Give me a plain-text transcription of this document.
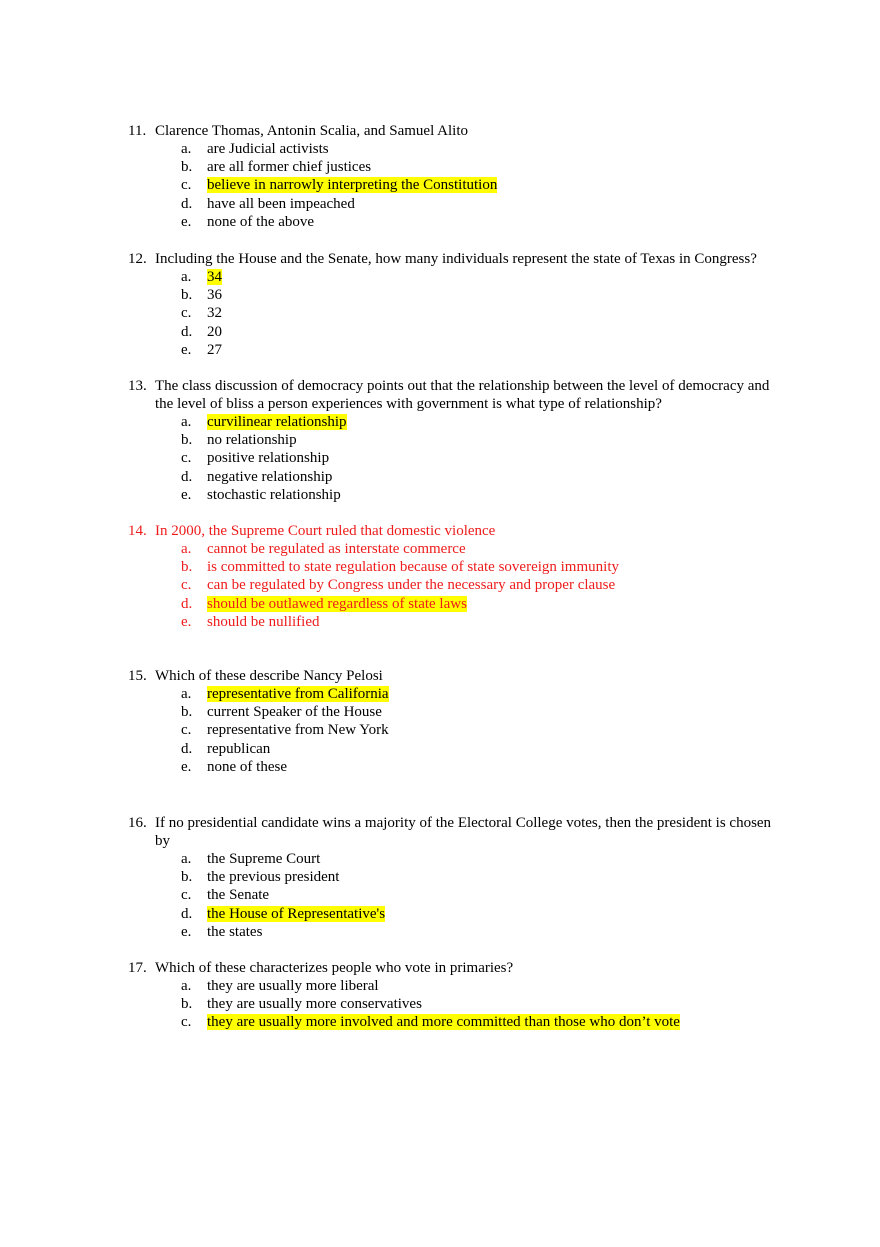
11. Clarence Thomas, Antonin Scalia, and Samuel Alito
a. are Judicial activists
b. are all former chief justices
c. believe in narrowly interpreting the Constitution
d. have all been impeached
e. none of the above
12. Including the House and the Senate, how many individuals represent the state of Texas in Congress?
a. 34
b. 36
c. 32
d. 20
e. 27
13. The class discussion of democracy points out that the relationship between the level of democracy and the level of bliss a person experiences with government is what type of relationship?
a. curvilinear relationship
b. no relationship
c. positive relationship
d. negative relationship
e. stochastic relationship
14. In 2000, the Supreme Court ruled that domestic violence
a. cannot be regulated as interstate commerce
b. is committed to state regulation because of state sovereign immunity
c. can be regulated by Congress under the necessary and proper clause
d. should be outlawed regardless of state laws
e. should be nullified
15. Which of these describe Nancy Pelosi
a. representative from California
b. current Speaker of the House
c. representative from New York
d. republican
e. none of these
16. If no presidential candidate wins a majority of the Electoral College votes, then the president is chosen by
a. the Supreme Court
b. the previous president
c. the Senate
d. the House of Representative's
e. the states
17. Which of these characterizes people who vote in primaries?
a. they are usually more liberal
b. they are usually more conservatives
c. they are usually more involved and more committed than those who don’t vote
